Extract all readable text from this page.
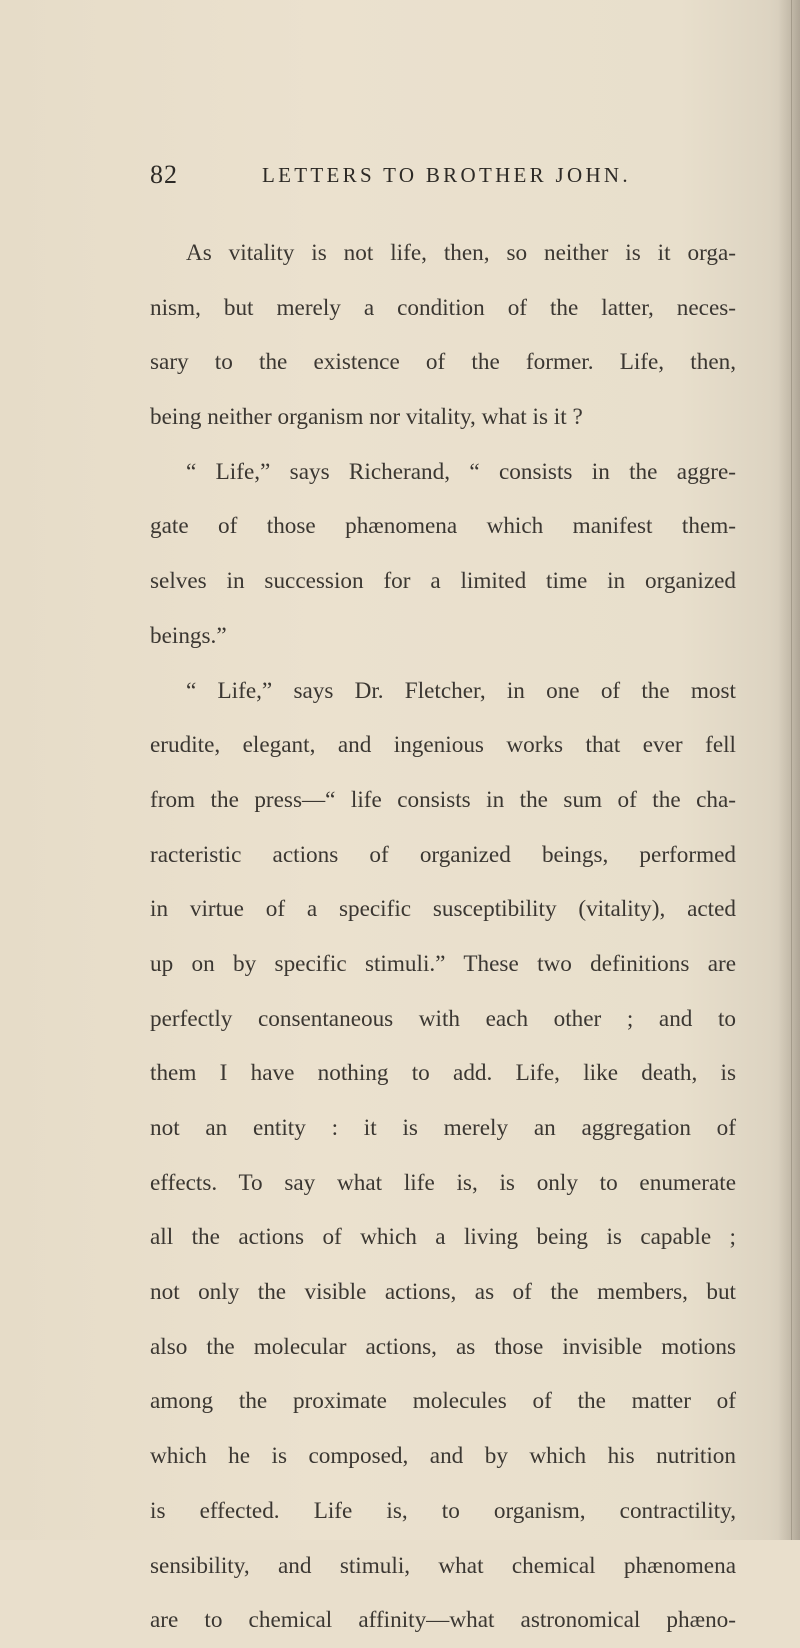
82	LETTERS TO BROTHER JOHN.
As vitality is not life, then, so neither is it orga-
nism, but merely a condition of the latter, neces-
sary to the existence of the former. Life, then,
being neither organism nor vitality, what is it ?
“ Life,” says Richerand, “ consists in the aggre-
gate of those phænomena which manifest them-
selves in succession for a limited time in organized
beings.”
“ Life,” says Dr. Fletcher, in one of the most
erudite, elegant, and ingenious works that ever fell
from the press—“ life consists in the sum of the cha-
racteristic actions of organized beings, performed
in virtue of a specific susceptibility (vitality), acted
up on by specific stimuli.” These two definitions are
perfectly consentaneous with each other ; and to
them I have nothing to add. Life, like death, is
not an entity : it is merely an aggregation of
effects. To say what life is, is only to enumerate
all the actions of which a living being is capable ;
not only the visible actions, as of the members, but
also the molecular actions, as those invisible motions
among the proximate molecules of the matter of
which he is composed, and by which his nutrition
is effected. Life is, to organism, contractility,
sensibility, and stimuli, what chemical phænomena
are to chemical affinity—what astronomical phæno-
